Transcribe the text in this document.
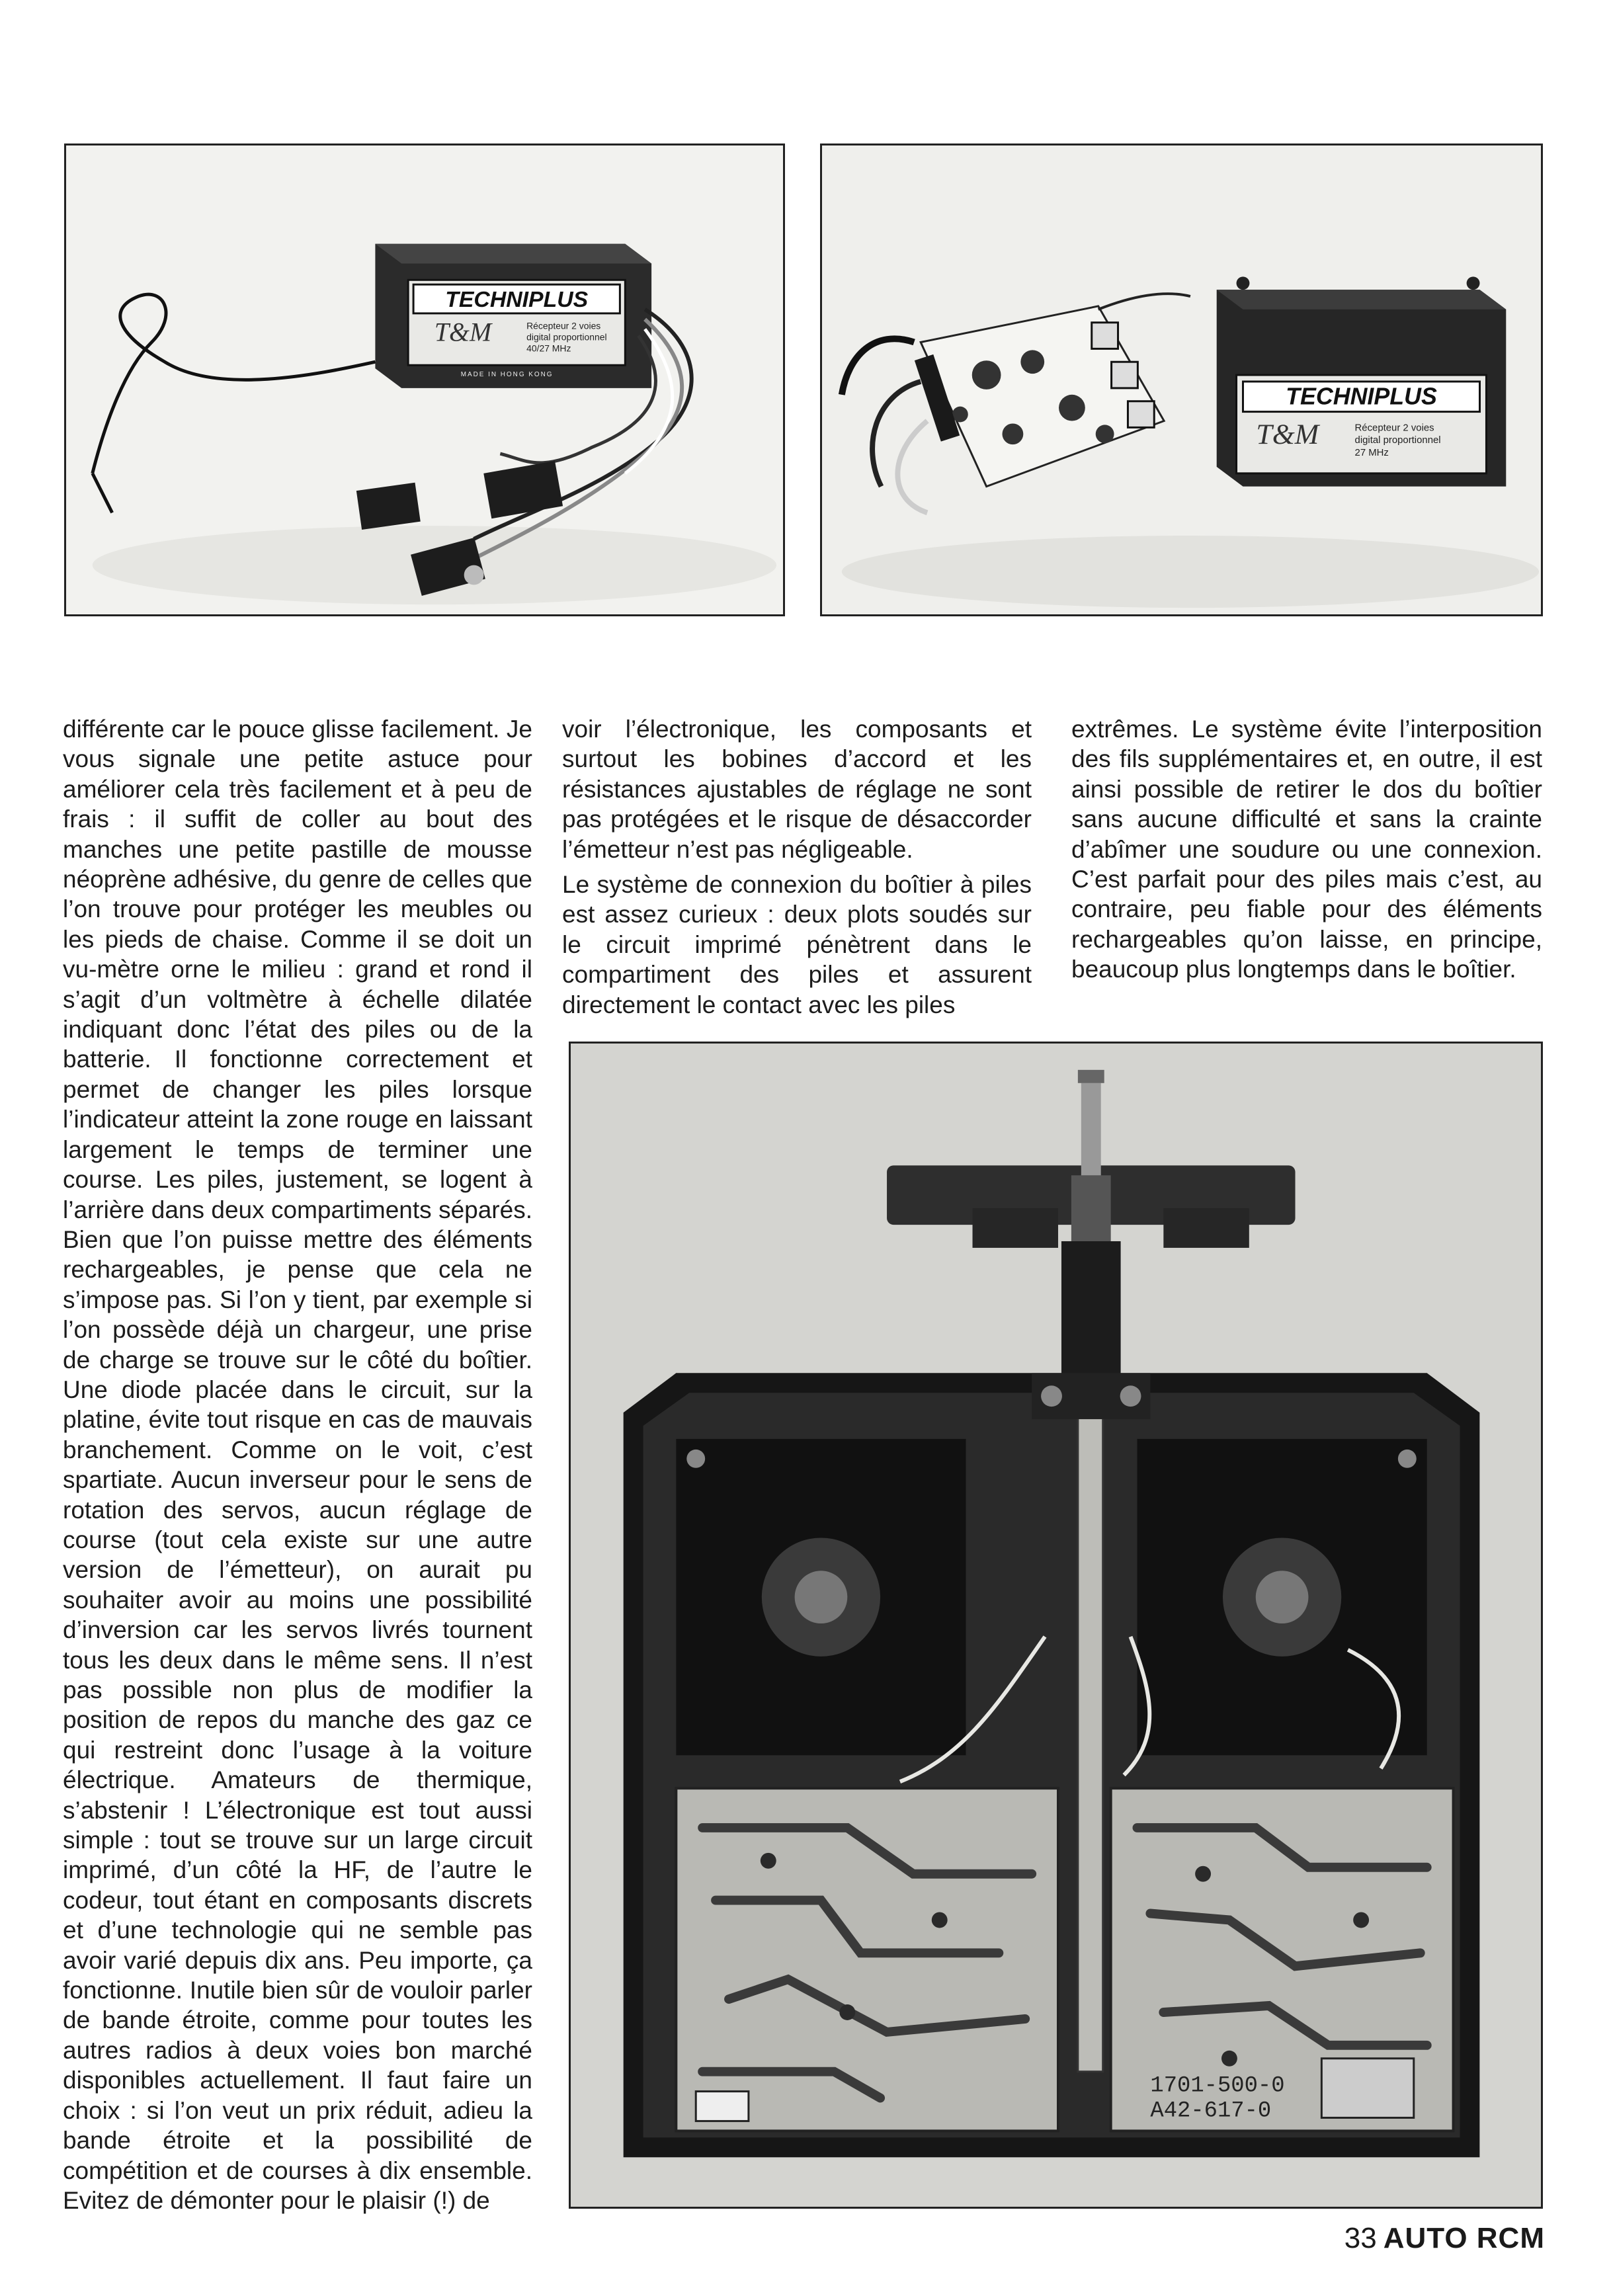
TECHNIPLUS
Récepteur 2 voies
digital proportionnel
40/27 MHz
T&M
MADE IN HONG KONG
TECHNIPLUS
Récepteur 2 voies
digital proportionnel
27 MHz
T&M
1701-500-0
A42-617-0

différente car le pouce glisse facilement. Je vous signale une petite astuce pour améliorer cela très facilement et à peu de frais : il suffit de coller au bout des manches une petite pastille de mousse néoprène adhésive, du genre de celles que l’on trouve pour protéger les meubles ou les pieds de chaise. Comme il se doit un vu-mètre orne le milieu : grand et rond il s’agit d’un voltmètre à échelle dilatée indiquant donc l’état des piles ou de la batterie. Il fonctionne correctement et permet de changer les piles lorsque l’indicateur atteint la zone rouge en laissant largement le temps de terminer une course. Les piles, justement, se logent à l’arrière dans deux compartiments séparés. Bien que l’on puisse mettre des éléments rechargeables, je pense que cela ne s’impose pas. Si l’on y tient, par exemple si l’on possède déjà un chargeur, une prise de charge se trouve sur le côté du boîtier. Une diode placée dans le circuit, sur la platine, évite tout risque en cas de mauvais branchement. Comme on le voit, c’est spartiate. Aucun inverseur pour le sens de rotation des servos, aucun réglage de course (tout cela existe sur une autre version de l’émetteur), on aurait pu souhaiter avoir au moins une possibilité d’inversion car les servos livrés tournent tous les deux dans le même sens. Il n’est pas possible non plus de modifier la position de repos du manche des gaz ce qui restreint donc l’usage à la voiture électrique. Amateurs de thermique, s’abstenir ! L’électronique est tout aussi simple : tout se trouve sur un large circuit imprimé, d’un côté la HF, de l’autre le codeur, tout étant en composants discrets et d’une technologie qui ne semble pas avoir varié depuis dix ans. Peu importe, ça fonctionne. Inutile bien sûr de vouloir parler de bande étroite, comme pour toutes les autres radios à deux voies bon marché disponibles actuellement. Il faut faire un choix : si l’on veut un prix réduit, adieu la bande étroite et la possibilité de compétition et de courses à dix ensemble. Evitez de démonter pour le plaisir (!) de

voir l’électronique, les composants et surtout les bobines d’accord et les résistances ajustables de réglage ne sont pas protégées et le risque de désaccorder l’émetteur n’est pas négligeable.

Le système de connexion du boîtier à piles est assez curieux : deux plots soudés sur le circuit imprimé pénètrent dans le compartiment des piles et assurent directement le contact avec les piles

extrêmes. Le système évite l’interposition des fils supplémentaires et, en outre, il est ainsi possible de retirer le dos du boîtier sans aucune difficulté et sans la crainte d’abîmer une soudure ou une connexion. C’est parfait pour des piles mais c’est, au contraire, peu fiable pour des éléments rechargeables qu’on laisse, en principe, beaucoup plus longtemps dans le boîtier.

33 AUTO RCM
